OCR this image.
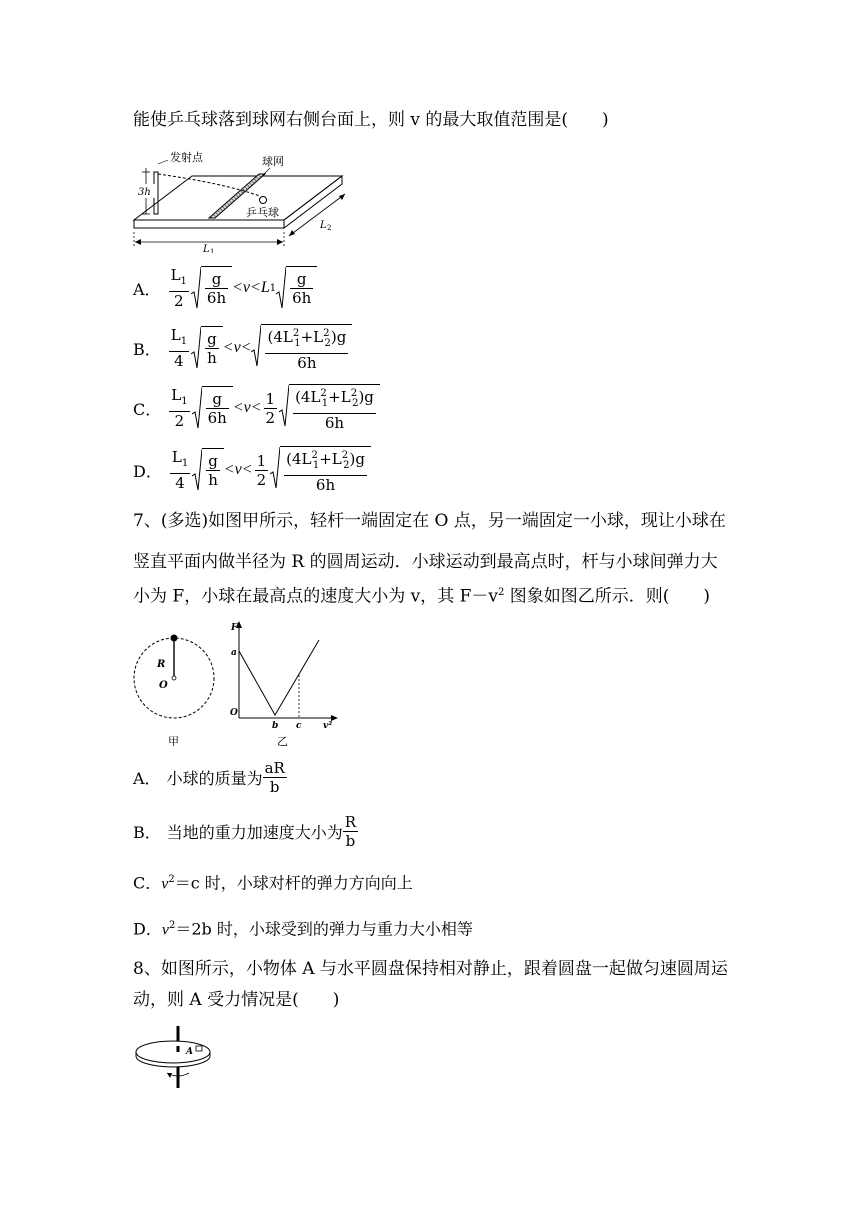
能使乒乓球落到球网右侧台面上，则 v 的最大取值范围是(　　)
3h
L 1
L 2
发射点	球网
乒乓球
A． $\frac{L_1}{2} \frac{g}{6h} <v<L$ $1 \frac{g}{6h}$
B． $\frac{L_1}{4} \frac{g}{h} <v< \frac{(4L^2_1+L^2_2)g}{6h}$
C． $\frac{L_1}{2} \frac{g}{6h} <v< \frac{1}{2} \frac{(4L^2_1+L^2_2)g}{6h}$
D． $\frac{L_1}{4} \frac{g}{h} <v< \frac{1}{2} \frac{(4L^2_1+L^2_2)g}{6h}$
7、(多选)如图甲所示，轻杆一端固定在 O 点，另一端固定一小球，现让小球在
竖直平面内做半径为 R 的圆周运动．小球运动到最高点时，杆与小球间弹力大
小为 F，小球在最高点的速度大小为 v，其 $F-v^2$ 图象如图乙所示．则(　　)
R
O
甲
F
a
O
b c v²
乙
A． 小球的质量为 $\frac{aR}{b}$
B． 当地的重力加速度大小为 $\frac{R}{b}$
C．$v^2=c$ 时，小球对杆的弹力方向向上
D．$v^2=2b$ 时，小球受到的弹力与重力大小相等
8、如图所示，小物体 A 与水平圆盘保持相对静止，跟着圆盘一起做匀速圆周运
动，则 A 受力情况是(　　)
A
